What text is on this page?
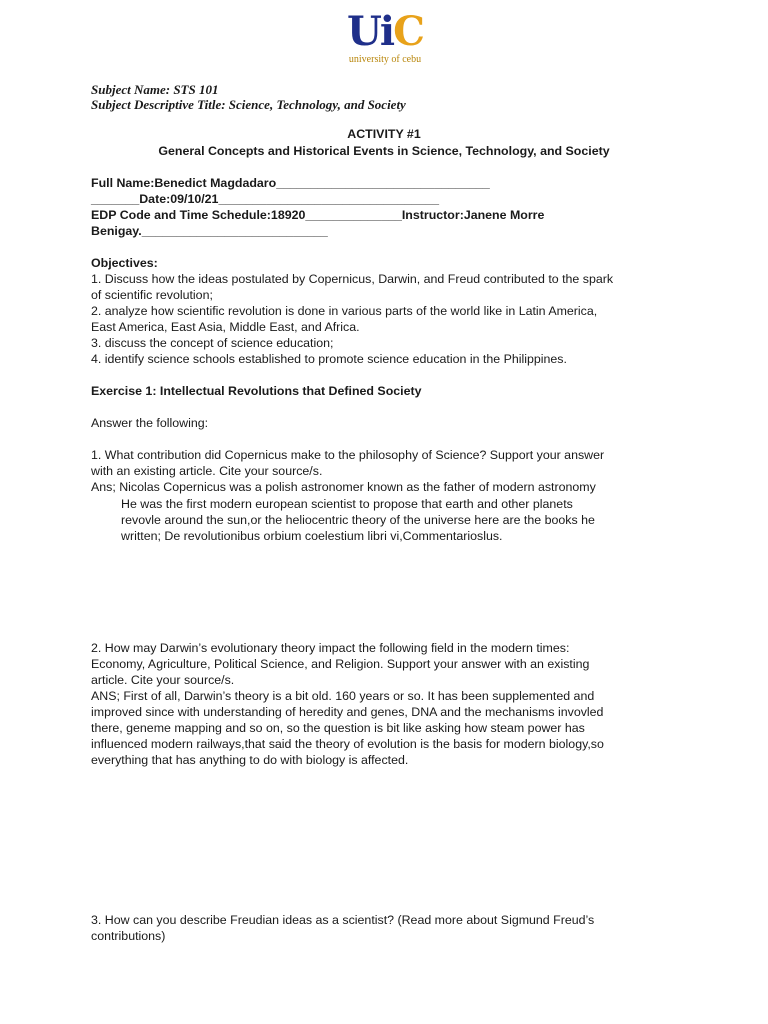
UiC
university of cebu
Subject Name: STS 101
Subject Descriptive Title: Science, Technology, and Society
ACTIVITY #1
General Concepts and Historical Events in Science, Technology, and Society
Full Name:Benedict Magdadaro_______________________________
_______Date:09/10/21________________________________
EDP Code and Time Schedule:18920______________Instructor:Janene Morre
Benigay.___________________________
Objectives:
1. Discuss how the ideas postulated by Copernicus, Darwin, and Freud contributed to the spark
of scientific revolution;
2. analyze how scientific revolution is done in various parts of the world like in Latin America,
East America, East Asia, Middle East, and Africa.
3. discuss the concept of science education;
4. identify science schools established to promote science education in the Philippines.
Exercise 1: Intellectual Revolutions that Defined Society
Answer the following:
1. What contribution did Copernicus make to the philosophy of Science? Support your answer
with an existing article. Cite your source/s.
Ans; Nicolas Copernicus was a polish astronomer known as the father of modern astronomy
He was the first modern european scientist to propose that earth and other planets
revovle around the sun,or the heliocentric theory of the universe here are the books he
written; De revolutionibus orbium coelestium libri vi,Commentarioslus.
2. How may Darwin’s evolutionary theory impact the following field in the modern times:
Economy, Agriculture, Political Science, and Religion. Support your answer with an existing
article. Cite your source/s.
ANS; First of all, Darwin’s theory is a bit old. 160 years or so. It has been supplemented and
improved since with understanding of heredity and genes, DNA and the mechanisms invovled
there, geneme mapping and so on, so the question is bit like asking how steam power has
influenced modern railways,that said the theory of evolution is the basis for modern biology,so
everything that has anything to do with biology is affected.
3. How can you describe Freudian ideas as a scientist? (Read more about Sigmund Freud’s
contributions)
